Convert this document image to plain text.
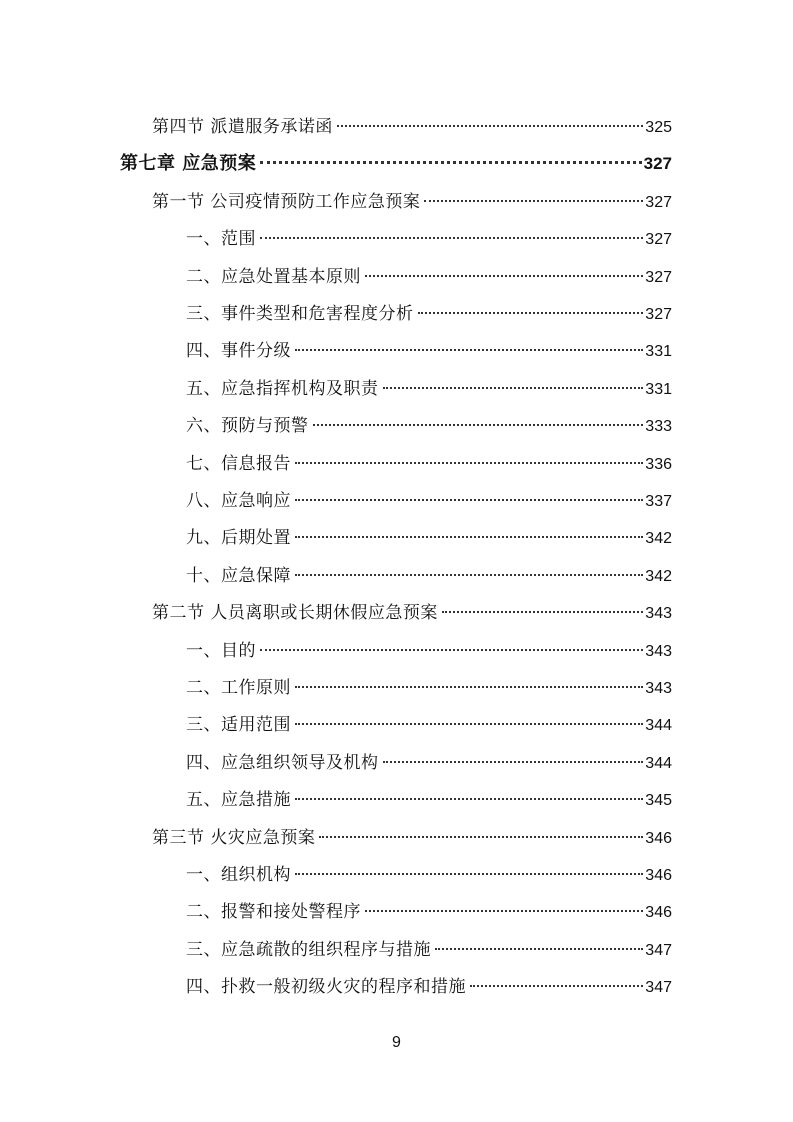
第四节 派遣服务承诺函	325
第七章 应急预案	327
第一节 公司疫情预防工作应急预案	327
一、范围	327
二、应急处置基本原则	327
三、事件类型和危害程度分析	327
四、事件分级	331
五、应急指挥机构及职责	331
六、预防与预警	333
七、信息报告	336
八、应急响应	337
九、后期处置	342
十、应急保障	342
第二节 人员离职或长期休假应急预案	343
一、目的	343
二、工作原则	343
三、适用范围	344
四、应急组织领导及机构	344
五、应急措施	345
第三节 火灾应急预案	346
一、组织机构	346
二、报警和接处警程序	346
三、应急疏散的组织程序与措施	347
四、扑救一般初级火灾的程序和措施	347
9
